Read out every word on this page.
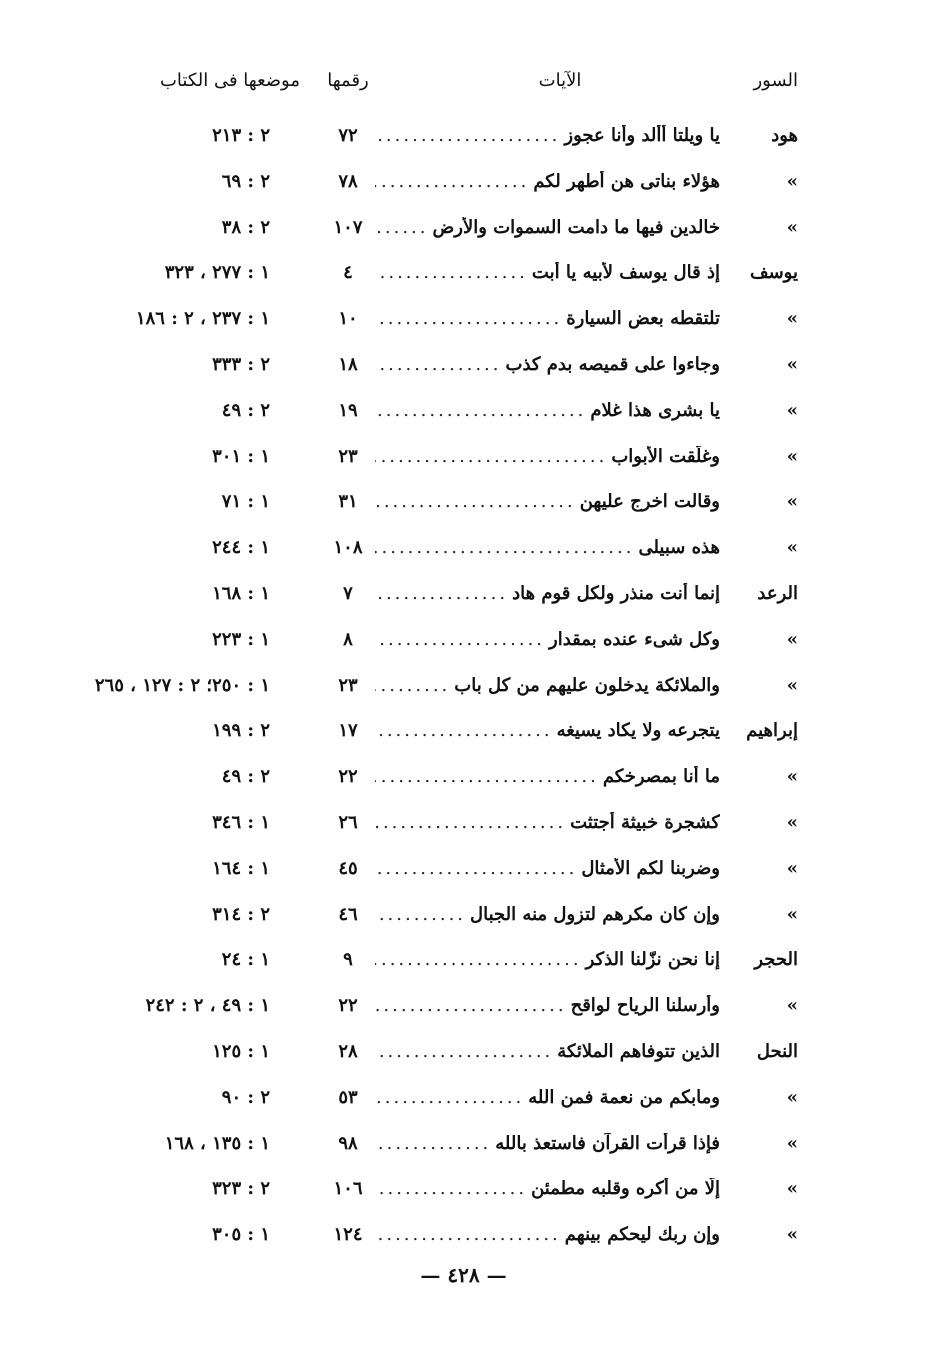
السور
الآيات
رقمها
موضعها فى الكتاب
هود
يا ويلتا أألد وأنا عجوز
.....
٧٢
٢ : ٢١٣
«
هؤلاء بناتى هن أطهر لكم
.....
٧٨
٢ : ٦٩
«
خالدين فيها ما دامت السموات والأرض
.....
١٠٧
٢ : ٣٨
يوسف
إذ قال يوسف لأبيه يا أبت
.....
٤
١ : ٢٧٧ ، ٣٢٣
«
تلتقطه بعض السيارة
.....
١٠
١ : ٢٣٧ ، ٢ : ١٨٦
«
وجاءوا على قميصه بدم كذب
.....
١٨
٢ : ٣٣٣
«
يا بشرى هذا غلام
.....
١٩
٢ : ٤٩
«
وغلّقت الأبواب
.....
٢٣
١ : ٣٠١
«
وقالت اخرج عليهن
.....
٣١
١ : ٧١
«
هذه سبيلى
.....
١٠٨
١ : ٢٤٤
الرعد
إنما أنت منذر ولكل قوم هاد
.....
٧
١ : ١٦٨
«
وكل شىء عنده بمقدار
.....
٨
١ : ٢٢٣
«
والملائكة يدخلون عليهم من كل باب
.....
٢٣
١ : ٢٥٠؛ ٢ : ١٢٧ ، ٢٦٥
إبراهيم
يتجرعه ولا يكاد يسيغه
.....
١٧
٢ : ١٩٩
«
ما أنا بمصرخكم
.....
٢٢
٢ : ٤٩
«
كشجرة خبيثة أجتثت
.....
٢٦
١ : ٣٤٦
«
وضربنا لكم الأمثال
.....
٤٥
١ : ١٦٤
«
وإن كان مكرهم لتزول منه الجبال
.....
٤٦
٢ : ٣١٤
الحجر
إنا نحن نزّلنا الذكر
.....
٩
١ : ٢٤
«
وأرسلنا الرياح لواقح
.....
٢٢
١ : ٤٩ ، ٢ : ٢٤٢
النحل
الذين تتوفاهم الملائكة
.....
٢٨
١ : ١٢٥
«
ومابكم من نعمة فمن الله
.....
٥٣
٢ : ٩٠
«
فإذا قرأت القرآن فاستعذ بالله
.....
٩٨
١ : ١٣٥ ، ١٦٨
«
إلّا من أكره وقلبه مطمئن
.....
١٠٦
٢ : ٣٢٣
«
وإن ربك ليحكم بينهم
.....
١٢٤
١ : ٣٠٥
— ٤٢٨ —
